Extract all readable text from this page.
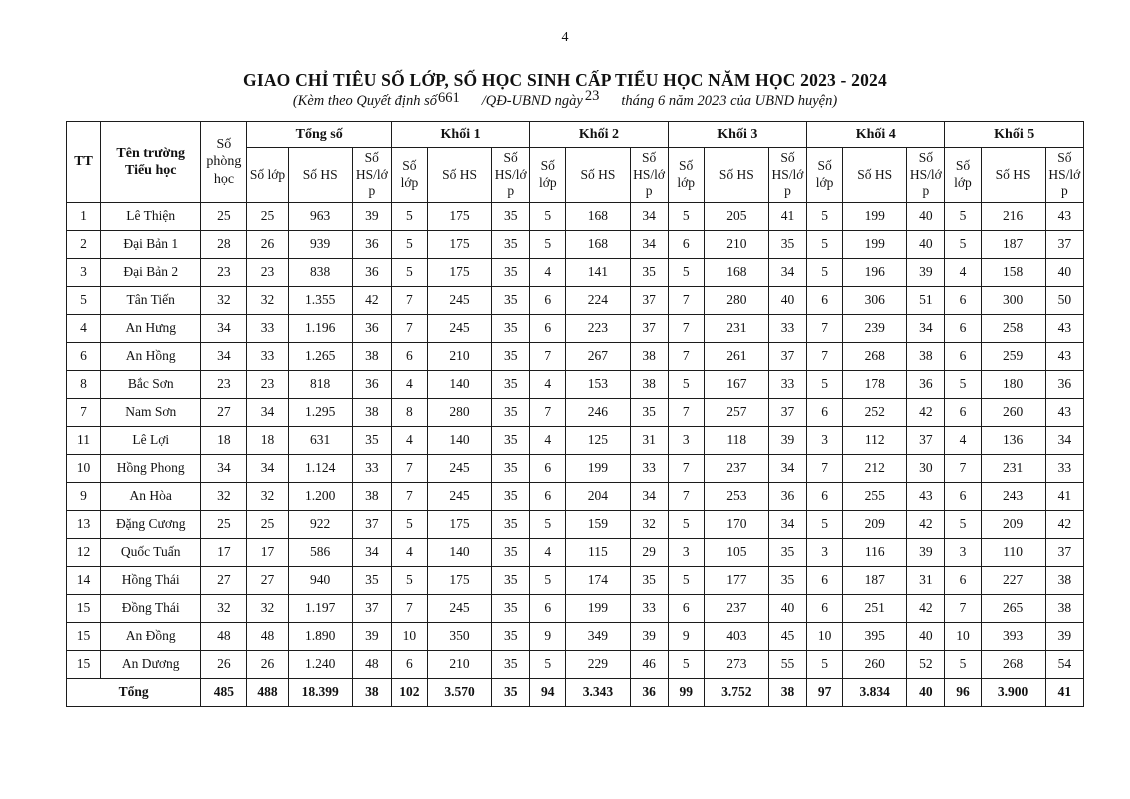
4
GIAO CHỈ TIÊU SỐ LỚP, SỐ HỌC SINH CẤP TIỂU HỌC NĂM HỌC 2023 - 2024
(Kèm theo Quyết định số661 /QĐ-UBND ngày 23 tháng 6 năm 2023 của UBND huyện)
TT	Tên trường Tiểu học	Số phòng học	Tổng số			Khối 1			Khối 2			Khối 3			Khối 4			Khối 5		
			Số lớp	Số HS	Số HS/lớp	Số lớp	Số HS	Số HS/lớp	Số lớp	Số HS	Số HS/lớp	Số lớp	Số HS	Số HS/lớp	Số lớp	Số HS	Số HS/lớp	Số lớp	Số HS	Số HS/lớp
1	Lê Thiện	25	25	963	39	5	175	35	5	168	34	5	205	41	5	199	40	5	216	43
2	Đại Bản 1	28	26	939	36	5	175	35	5	168	34	6	210	35	5	199	40	5	187	37
3	Đại Bản 2	23	23	838	36	5	175	35	4	141	35	5	168	34	5	196	39	4	158	40
5	Tân Tiến	32	32	1.355	42	7	245	35	6	224	37	7	280	40	6	306	51	6	300	50
4	An Hưng	34	33	1.196	36	7	245	35	6	223	37	7	231	33	7	239	34	6	258	43
6	An Hồng	34	33	1.265	38	6	210	35	7	267	38	7	261	37	7	268	38	6	259	43
8	Bắc Sơn	23	23	818	36	4	140	35	4	153	38	5	167	33	5	178	36	5	180	36
7	Nam Sơn	27	34	1.295	38	8	280	35	7	246	35	7	257	37	6	252	42	6	260	43
11	Lê Lợi	18	18	631	35	4	140	35	4	125	31	3	118	39	3	112	37	4	136	34
10	Hồng Phong	34	34	1.124	33	7	245	35	6	199	33	7	237	34	7	212	30	7	231	33
9	An Hòa	32	32	1.200	38	7	245	35	6	204	34	7	253	36	6	255	43	6	243	41
13	Đặng Cương	25	25	922	37	5	175	35	5	159	32	5	170	34	5	209	42	5	209	42
12	Quốc Tuấn	17	17	586	34	4	140	35	4	115	29	3	105	35	3	116	39	3	110	37
14	Hồng Thái	27	27	940	35	5	175	35	5	174	35	5	177	35	6	187	31	6	227	38
15	Đồng Thái	32	32	1.197	37	7	245	35	6	199	33	6	237	40	6	251	42	7	265	38
15	An Đồng	48	48	1.890	39	10	350	35	9	349	39	9	403	45	10	395	40	10	393	39
15	An Dương	26	26	1.240	48	6	210	35	5	229	46	5	273	55	5	260	52	5	268	54
Tổng		485	488	18.399	38	102	3.570	35	94	3.343	36	99	3.752	38	97	3.834	40	96	3.900	41
